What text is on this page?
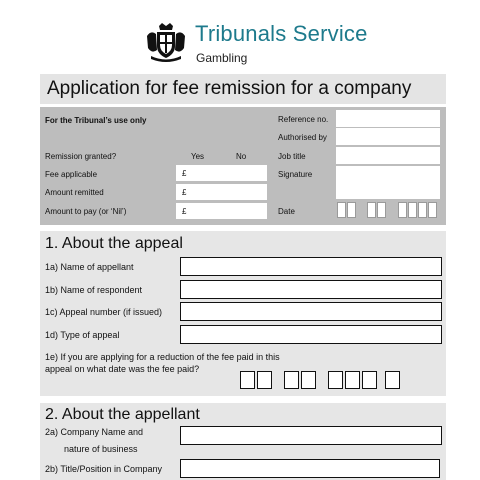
Tribunals Service
Gambling
Application for fee remission for a company
For the Tribunal’s use only
Remission granted?	Yes	No
Fee applicable	£
Amount remitted	£
Amount to pay (or ‘Nil’)	£
Reference no.
Authorised by
Job title
Signature
Date
1. About the appeal
1a) Name of appellant
1b) Name of respondent
1c) Appeal number (if issued)
1d) Type of appeal
1e) If you are applying for a reduction of the fee paid in this
appeal on what date was the fee paid?
2. About the appellant
2a) Company Name and
nature of business
2b) Title/Position in Company
